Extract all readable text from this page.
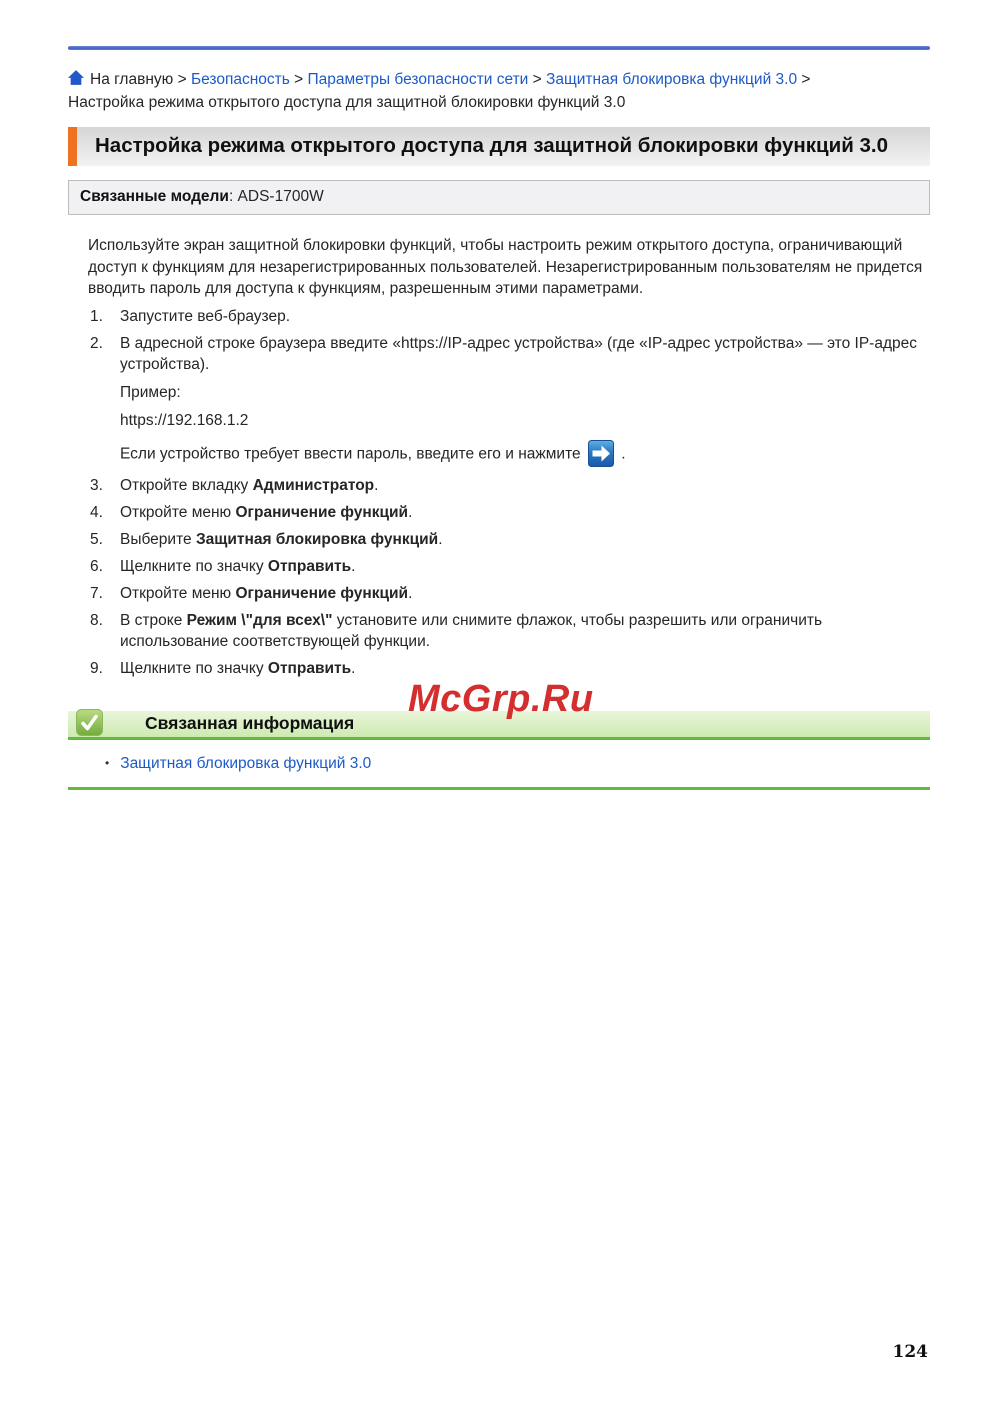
На главную > Безопасность > Параметры безопасности сети > Защитная блокировка функций 3.0 > Настройка режима открытого доступа для защитной блокировки функций 3.0
Настройка режима открытого доступа для защитной блокировки функций 3.0
Связанные модели: ADS-1700W

Используйте экран защитной блокировки функций, чтобы настроить режим открытого доступа, ограничивающий доступ к функциям для незарегистрированных пользователей. Незарегистрированным пользователям не придется вводить пароль для доступа к функциям, разрешенным этими параметрами.

1.	Запустите веб-браузер.
2.	В адресной строке браузера введите «https://IP-адрес устройства» (где «IP-адрес устройства» — это IP-адрес устройства).
Пример:
https://192.168.1.2
Если устройство требует ввести пароль, введите его и нажмите  .
3.	Откройте вкладку Администратор.
4.	Откройте меню Ограничение функций.
5.	Выберите Защитная блокировка функций.
6.	Щелкните по значку Отправить.
7.	Откройте меню Ограничение функций.
8.	В строке Режим \"для всех\" установите или снимите флажок, чтобы разрешить или ограничить использование соответствующей функции.
9.	Щелкните по значку Отправить.
Связанная информация
• Защитная блокировка функций 3.0
McGrp.Ru
124
